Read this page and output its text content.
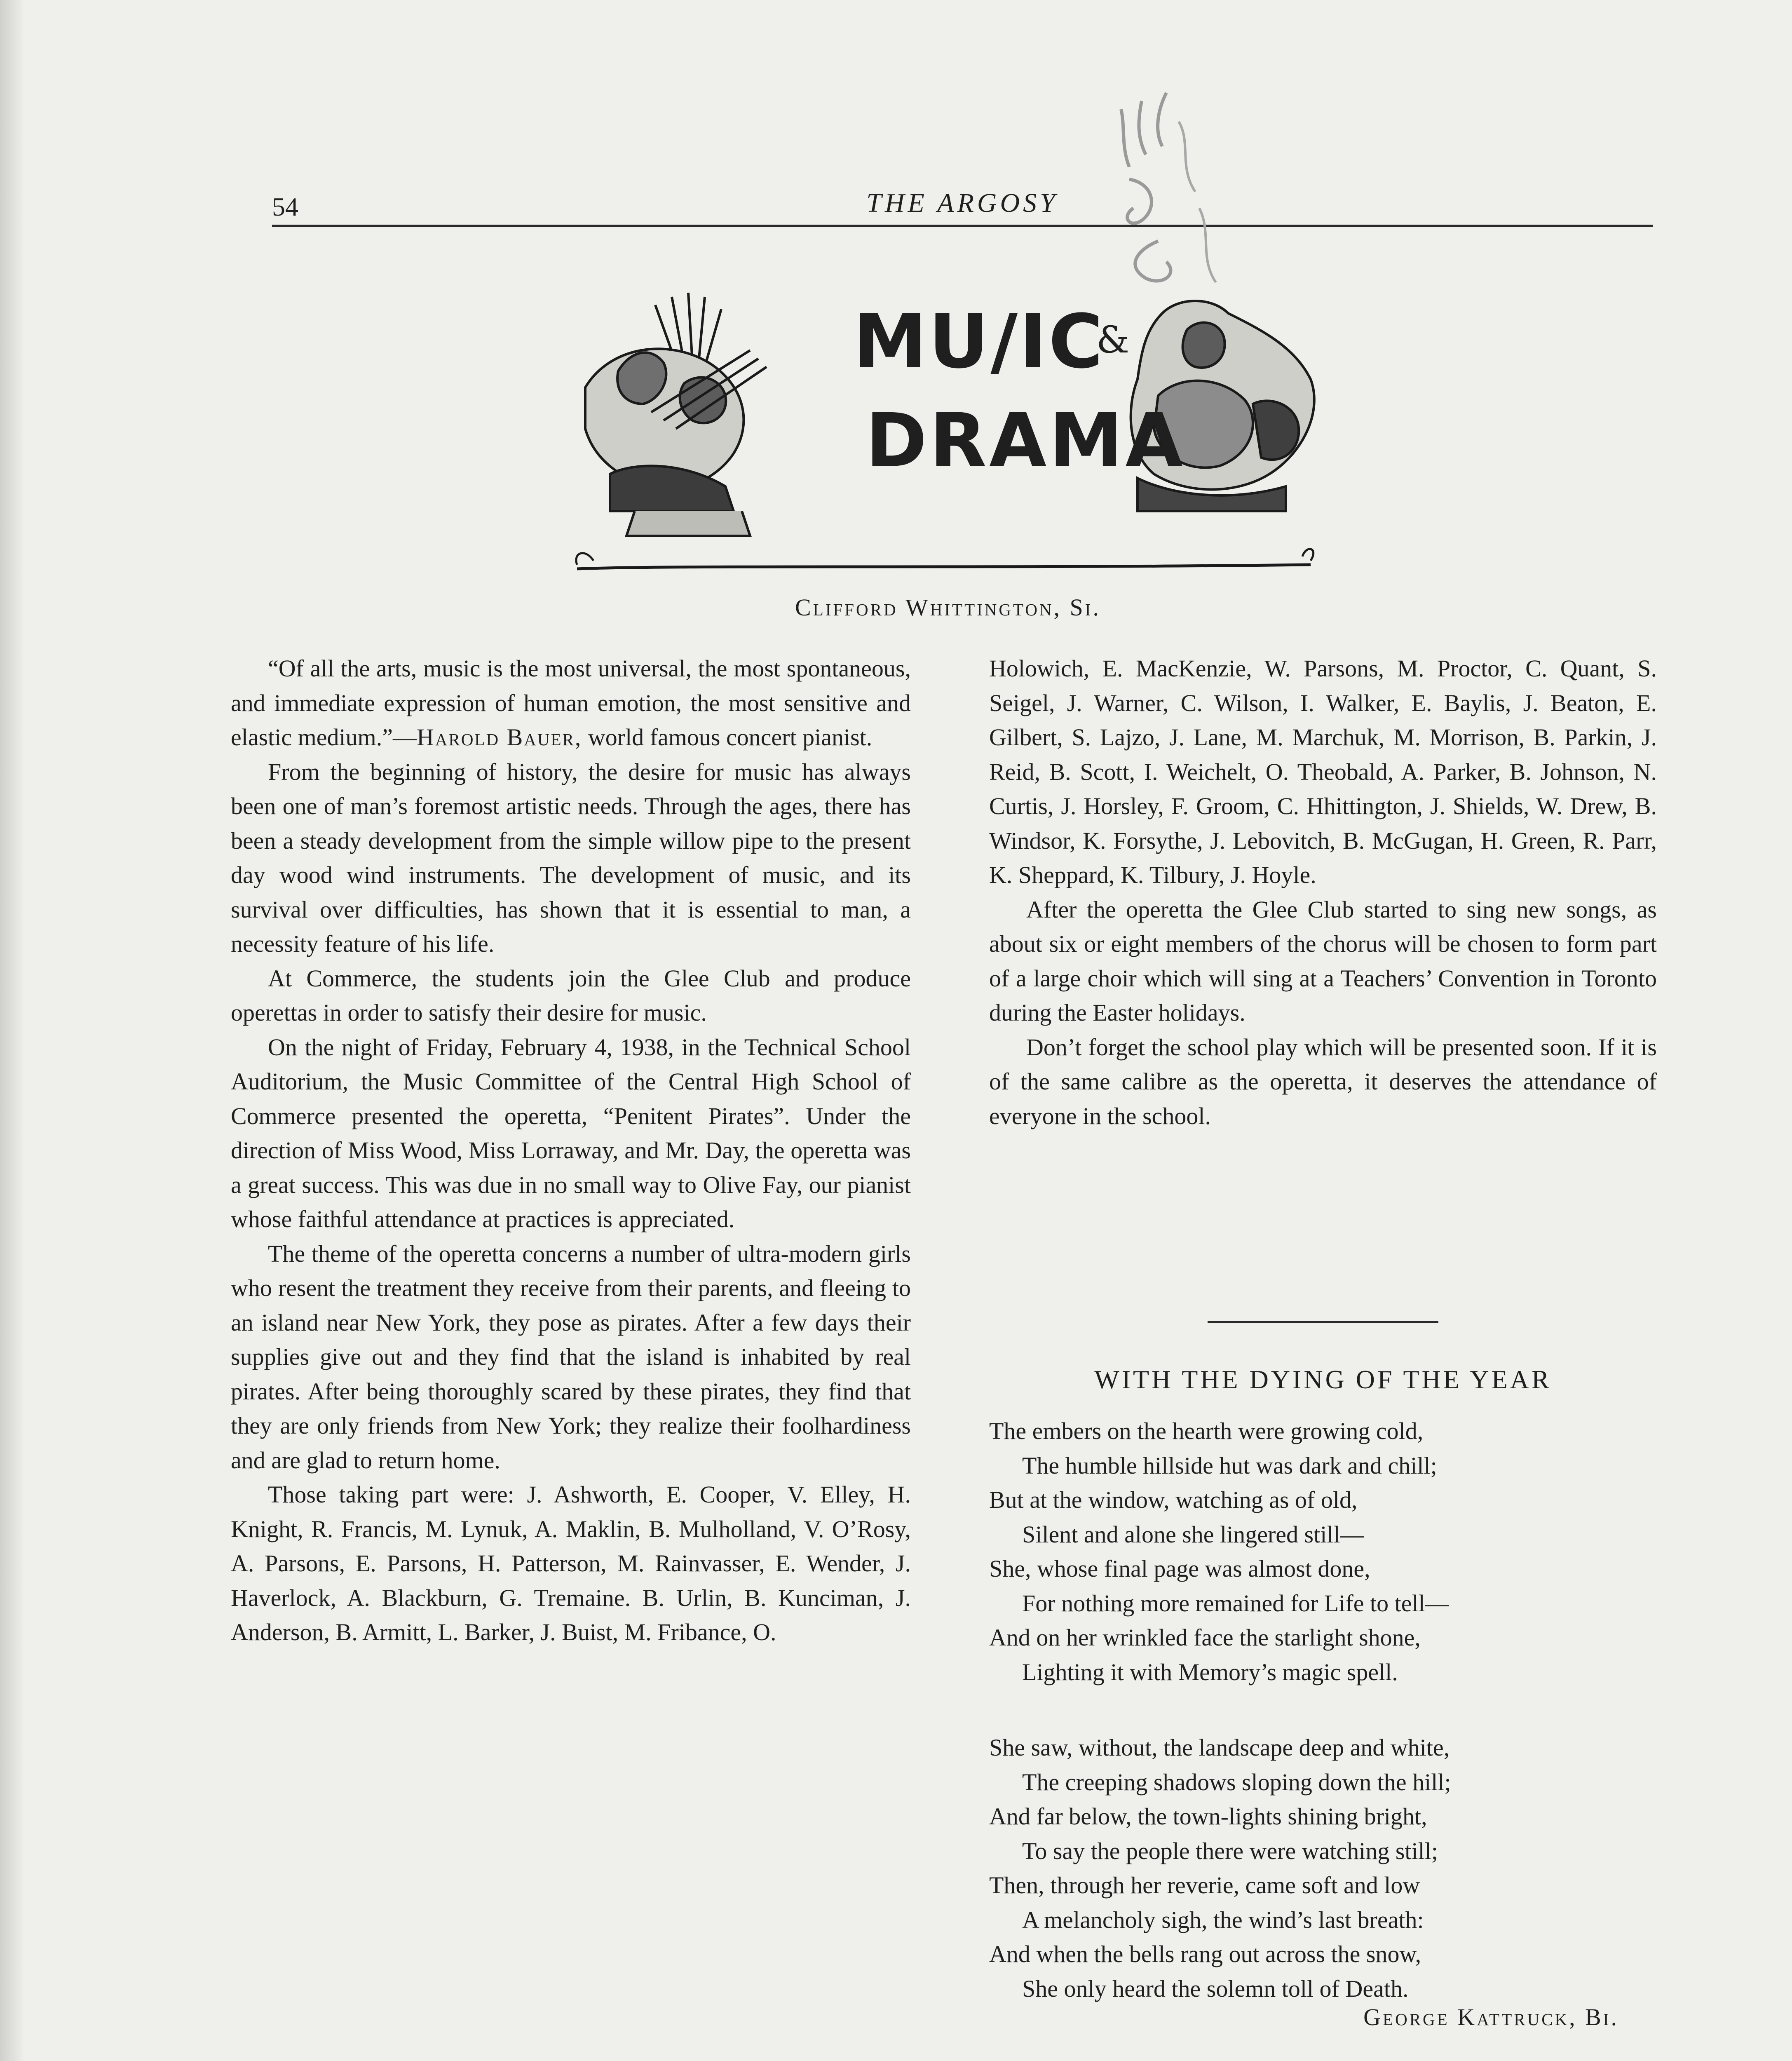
54	THE ARGOSY
MU/IC
&
DRAMA
Clifford Whittington, Si.

“Of all the arts, music is the most universal, the most spontaneous, and immediate expression of human emotion, the most sensitive and elastic medium.”—Harold Bauer, world famous concert pianist.

From the beginning of history, the desire for music has always been one of man’s foremost artistic needs. Through the ages, there has been a steady development from the simple willow pipe to the present day wood wind instruments. The development of music, and its survival over difficulties, has shown that it is essential to man, a necessity feature of his life.

At Commerce, the students join the Glee Club and produce operettas in order to satisfy their desire for music.

On the night of Friday, February 4, 1938, in the Technical School Auditorium, the Music Committee of the Central High School of Commerce presented the operetta, “Penitent Pirates”. Under the direction of Miss Wood, Miss Lorraway, and Mr. Day, the operetta was a great success. This was due in no small way to Olive Fay, our pianist whose faithful attendance at practices is appreciated.

The theme of the operetta concerns a number of ultra-modern girls who resent the treatment they receive from their parents, and fleeing to an island near New York, they pose as pirates. After a few days their supplies give out and they find that the island is inhabited by real pirates. After being thoroughly scared by these pirates, they find that they are only friends from New York; they realize their foolhardiness and are glad to return home.

Those taking part were: J. Ashworth, E. Cooper, V. Elley, H. Knight, R. Francis, M. Lynuk, A. Maklin, B. Mulholland, V. O’Rosy, A. Parsons, E. Parsons, H. Patterson, M. Rainvasser, E. Wender, J. Haverlock, A. Blackburn, G. Tremaine. B. Urlin, B. Kunciman, J. Anderson, B. Armitt, L. Barker, J. Buist, M. Fribance, O.

Holowich, E. MacKenzie, W. Parsons, M. Proctor, C. Quant, S. Seigel, J. Warner, C. Wilson, I. Walker, E. Baylis, J. Beaton, E. Gilbert, S. Lajzo, J. Lane, M. Marchuk, M. Morrison, B. Parkin, J. Reid, B. Scott, I. Weichelt, O. Theobald, A. Parker, B. Johnson, N. Curtis, J. Horsley, F. Groom, C. Hhittington, J. Shields, W. Drew, B. Windsor, K. Forsythe, J. Lebovitch, B. McGugan, H. Green, R. Parr, K. Sheppard, K. Tilbury, J. Hoyle.

After the operetta the Glee Club started to sing new songs, as about six or eight members of the chorus will be chosen to form part of a large choir which will sing at a Teachers’ Convention in Toronto during the Easter holidays.

Don’t forget the school play which will be presented soon. If it is of the same calibre as the operetta, it deserves the attendance of everyone in the school.

WITH THE DYING OF THE YEAR
The embers on the hearth were growing cold,
The humble hillside hut was dark and chill;
But at the window, watching as of old,
Silent and alone she lingered still—
She, whose final page was almost done,
For nothing more remained for Life to tell—
And on her wrinkled face the starlight shone,
Lighting it with Memory’s magic spell.
She saw, without, the landscape deep and white,
The creeping shadows sloping down the hill;
And far below, the town-lights shining bright,
To say the people there were watching still;
Then, through her reverie, came soft and low
A melancholy sigh, the wind’s last breath:
And when the bells rang out across the snow,
She only heard the solemn toll of Death.
George Kattruck, Bi.
